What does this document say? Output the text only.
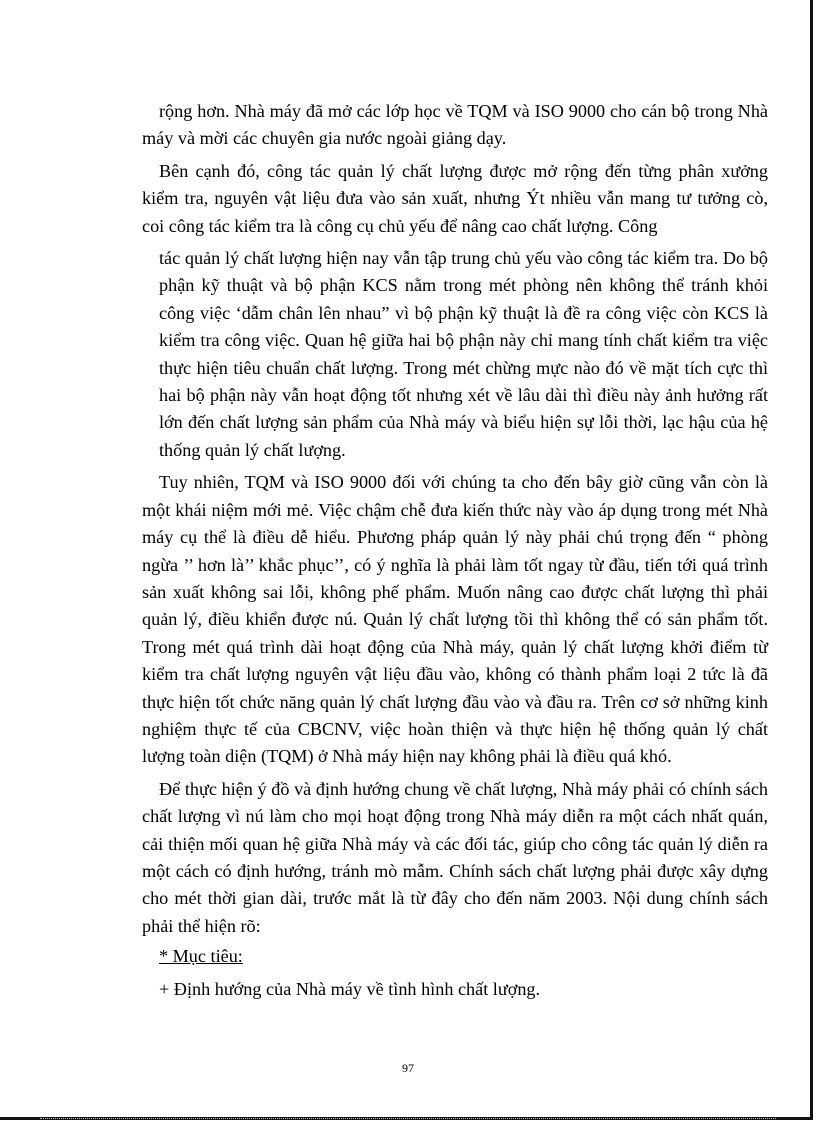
rộng hơn. Nhà máy đã mở các lớp học về TQM và ISO 9000 cho cán bộ trong Nhà máy và mời các chuyên gia nước ngoài giảng dạy.

Bên cạnh đó, công tác quản lý chất lượng được mở rộng đến từng phân xưởng kiểm tra, nguyên vật liệu đưa vào sản xuất, nhưng Ýt nhiều vẫn mang tư tưởng cò, coi công tác kiểm tra là công cụ chủ yếu để nâng cao chất lượng. Công

tác quản lý chất lượng hiện nay vẫn tập trung chủ yếu vào công tác kiểm tra. Do bộ phận kỹ thuật và bộ phận KCS nằm trong mét phòng nên không thể tránh khỏi công việc ‘dẫm chân lên nhau” vì bộ phận kỹ thuật là đề ra công việc còn KCS là kiểm tra công việc. Quan hệ giữa hai bộ phận này chỉ mang tính chất kiểm tra việc thực hiện tiêu chuẩn chất lượng. Trong mét chừng mực nào đó về mặt tích cực thì hai bộ phận này vẫn hoạt động tốt nhưng xét về lâu dài thì điều này ảnh hưởng rất lớn đến chất lượng sản phẩm của Nhà máy và biểu hiện sự lỗi thời, lạc hậu của hệ thống quản lý chất lượng.

Tuy nhiên, TQM và ISO 9000 đối với chúng ta cho đến bây giờ cũng vẫn còn là một khái niệm mới mẻ. Việc chậm chễ đưa kiến thức này vào áp dụng trong mét Nhà máy cụ thể là điều dễ hiểu. Phương pháp quản lý này phải chú trọng đến “ phòng ngừa ’’ hơn là’’ khắc phục’’, có ý nghĩa là phải làm tốt ngay từ đầu, tiến tới quá trình sản xuất không sai lỗi, không phế phẩm. Muốn nâng cao được chất lượng thì phải quản lý, điều khiển được nú. Quản lý chất lượng tồi thì không thể có sản phẩm tốt. Trong mét quá trình dài hoạt động của Nhà máy, quản lý chất lượng khởi điểm từ kiểm tra chất lượng nguyên vật liệu đầu vào, không có thành phẩm loại 2 tức là đã thực hiện tốt chức năng quản lý chất lượng đầu vào và đầu ra. Trên cơ sở những kinh nghiệm thực tế của CBCNV, việc hoàn thiện và thực hiện hệ thống quản lý chất lượng toàn diện (TQM) ở Nhà máy hiện nay không phải là điều quá khó.

Để thực hiện ý đồ và định hướng chung về chất lượng, Nhà máy phải có chính sách chất lượng vì nú làm cho mọi hoạt động trong Nhà máy diễn ra một cách nhất quán, cải thiện mối quan hệ giữa Nhà máy và các đối tác, giúp cho công tác quản lý diễn ra một cách có định hướng, tránh mò mẫm. Chính sách chất lượng phải được xây dựng cho mét thời gian dài, trước mắt là từ đây cho đến năm 2003. Nội dung chính sách phải thể hiện rõ:

* Mục tiêu:

+ Định hướng của Nhà máy về tình hình chất lượng.

97
